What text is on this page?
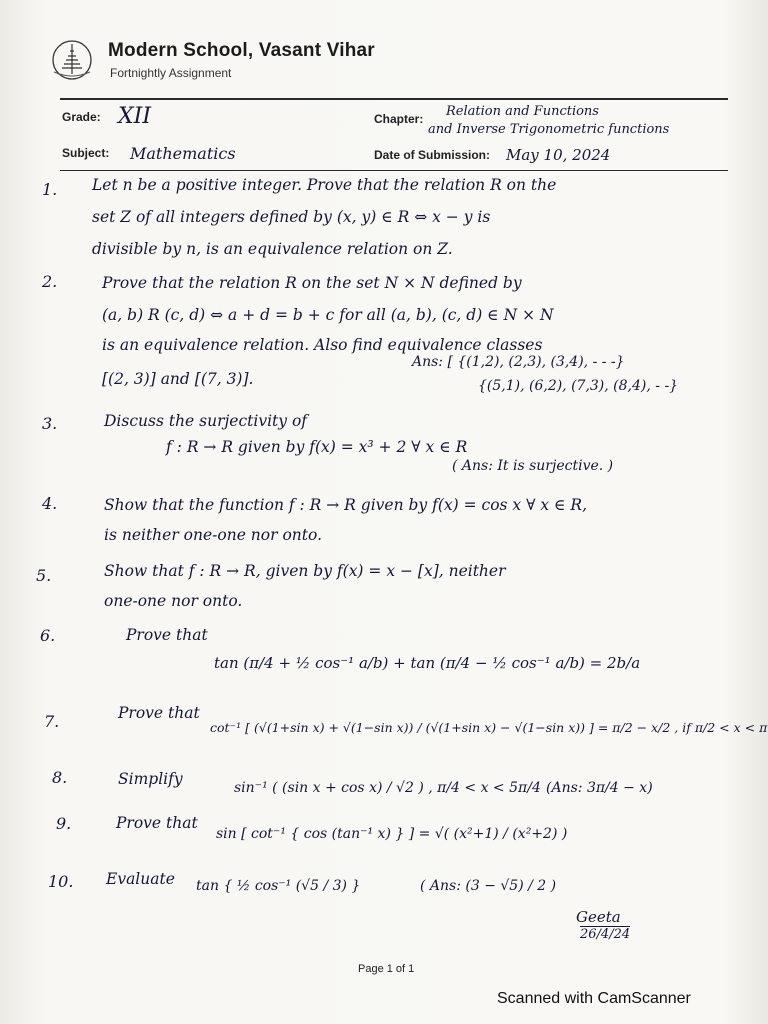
Modern School, Vasant Vihar
Fortnightly Assignment
Grade: XII	Chapter: Relation and Functions
and Inverse Trigonometric functions
Subject: Mathematics	Date of Submission: May 10, 2024
1. Let n be a positive integer. Prove that the relation R on the
set Z of all integers defined by (x, y) ∈ R ⇔ x − y is
divisible by n, is an equivalence relation on Z.
2.	Prove that the relation R on the set N × N defined by
(a, b) R (c, d) ⇔ a + d = b + c for all (a, b), (c, d) ∈ N × N
is an equivalence relation. Also find equivalence classes
[(2, 3)] and [(7, 3)].
Ans: [ {(1,2), (2,3), (3,4), - - -}
{(5,1), (6,2), (7,3), (8,4), - -}
3.	Discuss the surjectivity of
f : R → R given by f(x) = x³ + 2 ∀ x ∈ R
( Ans: It is surjective. )
4.	Show that the function f : R → R given by f(x) = cos x ∀ x ∈ R,
is neither one-one nor onto.
5.	Show that f : R → R, given by f(x) = x − [x], neither
one-one nor onto.
6.	Prove that
tan (π/4 + ½ cos⁻¹ a/b) + tan (π/4 − ½ cos⁻¹ a/b) = 2b/a
7.	Prove that
cot⁻¹ [ (√(1+sin x) + √(1−sin x)) / (√(1+sin x) − √(1−sin x)) ] = π/2 − x/2 , if π/2 < x < π
8.	Simplify	sin⁻¹ ( (sin x + cos x) / √2 ) , π/4 < x < 5π/4 (Ans: 3π/4 − x)
9.	Prove that
sin [ cot⁻¹ { cos (tan⁻¹ x) } ] = √( (x²+1) / (x²+2) )
10. Evaluate tan { ½ cos⁻¹ (√5 / 3) }	( Ans: (3 − √5) / 2 )
Geeta
26/4/24
Page 1 of 1
Scanned with CamScanner
